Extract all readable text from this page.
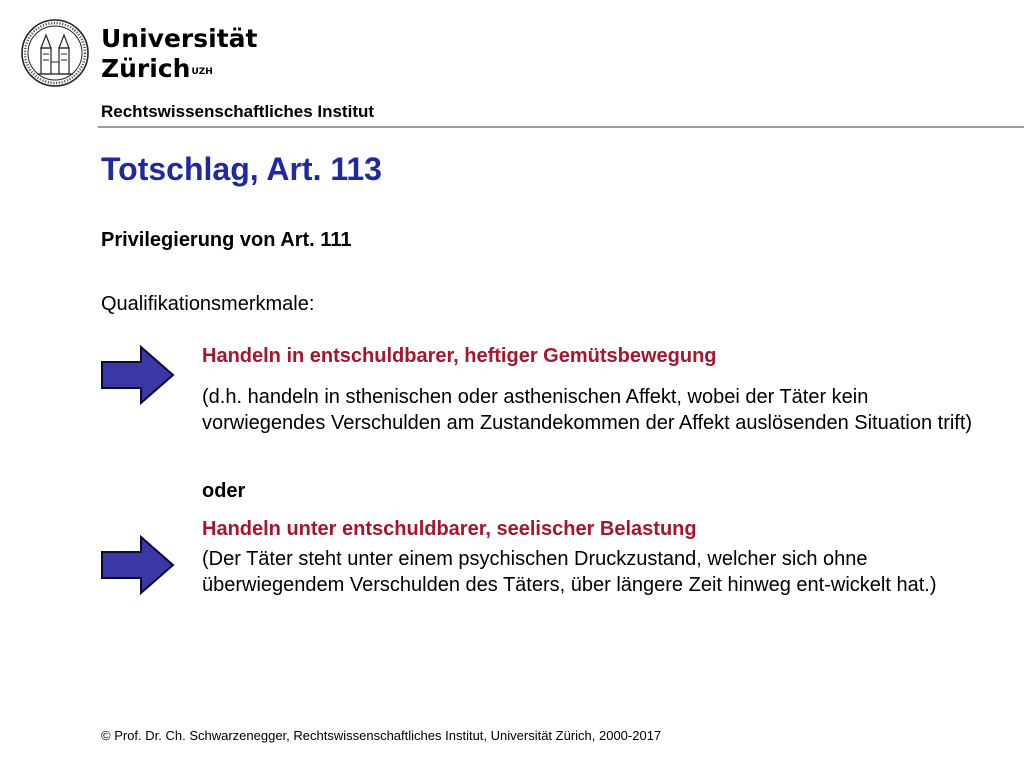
Universität
Zürich$^{UZH}$
Rechtswissenschaftliches Institut
Totschlag, Art. 113
Privilegierung von Art. 111
Qualifikationsmerkmale:
Handeln in entschuldbarer, heftiger Gemütsbewegung
(d.h. handeln in sthenischen oder asthenischen Affekt, wobei der Täter kein vorwiegendes Verschulden am Zustandekommen der Affekt auslösenden Situation trift)
oder
Handeln unter entschuldbarer, seelischer Belastung
(Der Täter steht unter einem psychischen Druckzustand, welcher sich ohne überwiegendem Verschulden des Täters, über längere Zeit hinweg ent-wickelt hat.)
© Prof. Dr. Ch. Schwarzenegger, Rechtswissenschaftliches Institut, Universität Zürich, 2000-2017
